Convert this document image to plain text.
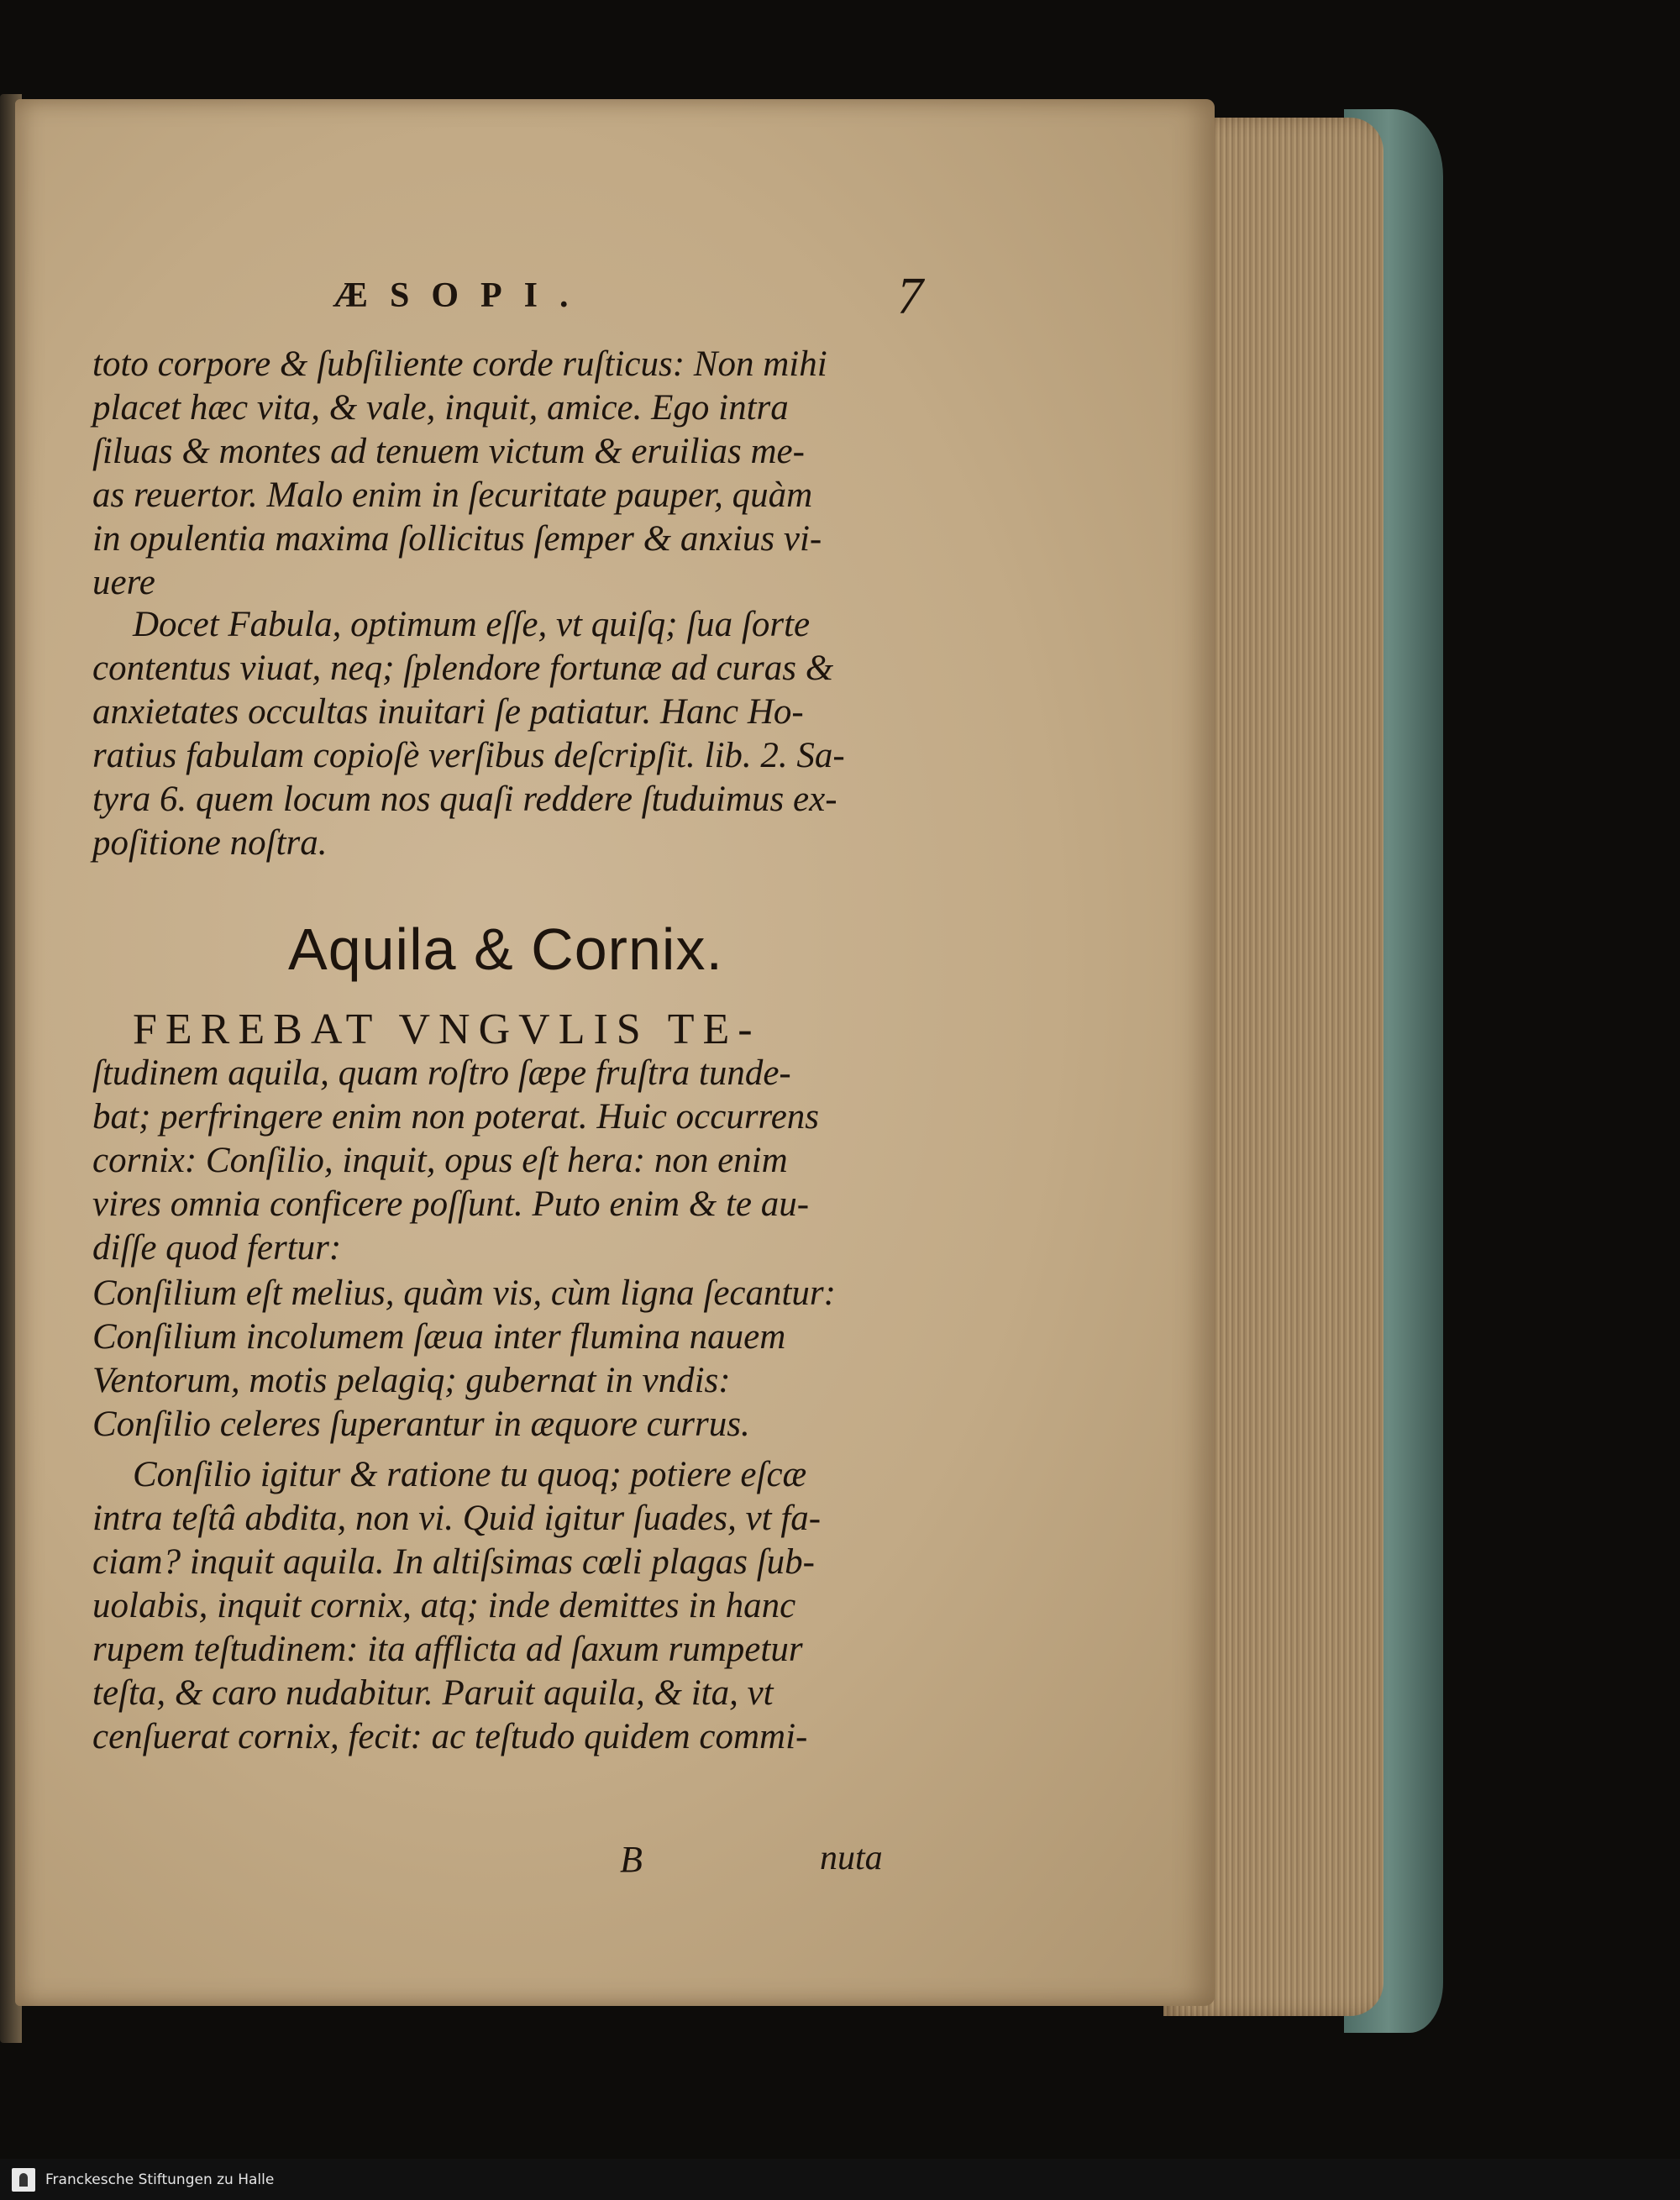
ÆSOPI.	7
toto corpore & ſubſiliente corde ruſticus: Non mihi
placet hæc vita, & vale, inquit, amice. Ego intra
ſiluas & montes ad tenuem victum & eruilias me-
as reuertor. Malo enim in ſecuritate pauper, quàm
in opulentia maxima ſollicitus ſemper & anxius vi-
uere
Docet Fabula, optimum eſſe, vt quiſq; ſua ſorte
contentus viuat, neq; ſplendore fortunæ ad curas &
anxietates occultas inuitari ſe patiatur. Hanc Ho-
ratius fabulam copioſè verſibus deſcripſit. lib. 2. Sa-
tyra 6. quem locum nos quaſi reddere ſtuduimus ex-
poſitione noſtra.
Aquila & Cornix.
FEREBAT VNGVLIS TE-
ſtudinem aquila, quam roſtro ſæpe fruſtra tunde-
bat; perfringere enim non poterat. Huic occurrens
cornix: Conſilio, inquit, opus eſt hera: non enim
vires omnia conficere poſſunt. Puto enim & te au-
diſſe quod fertur:
Conſilium eſt melius, quàm vis, cùm ligna ſecantur:
Conſilium incolumem ſæua inter flumina nauem
Ventorum, motis pelagiq; gubernat in vndis:
Conſilio celeres ſuperantur in æquore currus.
Conſilio igitur & ratione tu quoq; potiere eſcæ
intra teſtâ abdita, non vi. Quid igitur ſuades, vt fa-
ciam? inquit aquila. In altiſsimas cœli plagas ſub-
uolabis, inquit cornix, atq; inde demittes in hanc
rupem teſtudinem: ita afflicta ad ſaxum rumpetur
teſta, & caro nudabitur. Paruit aquila, & ita, vt
cenſuerat cornix, fecit: ac teſtudo quidem commi-
B	nuta
Franckesche Stiftungen zu Halle
